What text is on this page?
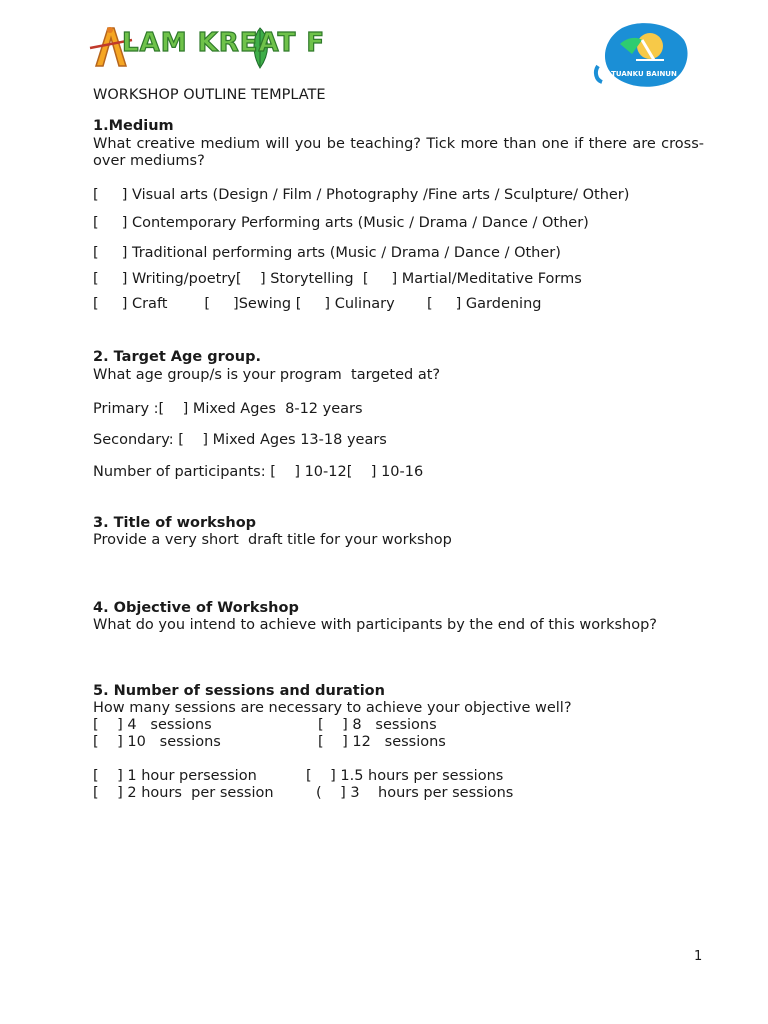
LAM KREAT F
TUANKU BAINUN
WORKSHOP OUTLINE TEMPLATE
1.Medium
What creative medium will you be teaching? Tick more than one if there are cross-over mediums?
[     ] Visual arts (Design / Film / Photography /Fine arts / Sculpture/ Other)
[     ] Contemporary Performing arts (Music / Drama / Dance / Other)
[     ] Traditional performing arts (Music / Drama / Dance / Other)
[     ] Writing/poetry[    ] Storytelling  [     ] Martial/Meditative Forms
[     ] Craft        [     ]Sewing [     ] Culinary       [     ] Gardening
2. Target Age group.
What age group/s is your program  targeted at?
Primary :[    ] Mixed Ages  8-12 years
Secondary: [    ] Mixed Ages 13-18 years
Number of participants: [    ] 10-12[    ] 10-16
3. Title of workshop
Provide a very short  draft title for your workshop
4. Objective of Workshop
What do you intend to achieve with participants by the end of this workshop?
5. Number of sessions and duration
How many sessions are necessary to achieve your objective well?
[    ] 4   sessions	[    ] 8   sessions
[    ] 10   sessions	[    ] 12   sessions
[    ] 1 hour persession	[    ] 1.5 hours per sessions
[    ] 2 hours  per session	(    ] 3    hours per sessions
1
